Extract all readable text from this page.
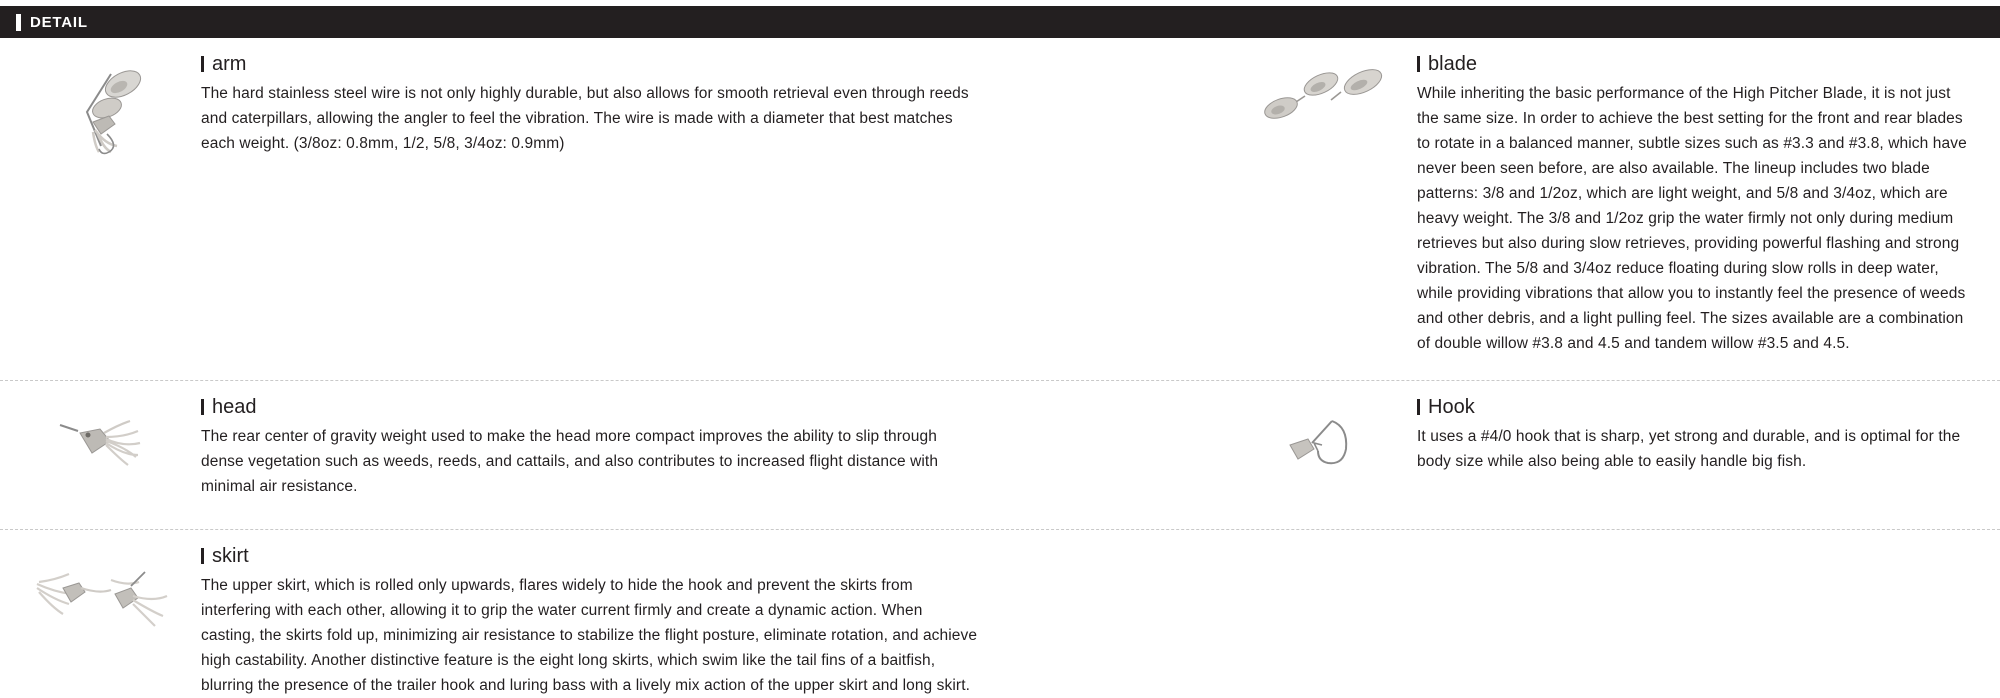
DETAIL
arm

The hard stainless steel wire is not only highly durable, but also allows for smooth retrieval even through reeds and caterpillars, allowing the angler to feel the vibration. The wire is made with a diameter that best matches each weight. (3/8oz: 0.8mm, 1/2, 5/8, 3/4oz: 0.9mm)

blade

While inheriting the basic performance of the High Pitcher Blade, it is not just the same size. In order to achieve the best setting for the front and rear blades to rotate in a balanced manner, subtle sizes such as #3.3 and #3.8, which have never been seen before, are also available. The lineup includes two blade patterns: 3/8 and 1/2oz, which are light weight, and 5/8 and 3/4oz, which are heavy weight. The 3/8 and 1/2oz grip the water firmly not only during medium retrieves but also during slow retrieves, providing powerful flashing and strong vibration. The 5/8 and 3/4oz reduce floating during slow rolls in deep water, while providing vibrations that allow you to instantly feel the presence of weeds and other debris, and a light pulling feel. The sizes available are a combination of double willow #3.8 and 4.5 and tandem willow #3.5 and 4.5.

head

The rear center of gravity weight used to make the head more compact improves the ability to slip through dense vegetation such as weeds, reeds, and cattails, and also contributes to increased flight distance with minimal air resistance.

Hook

It uses a #4/0 hook that is sharp, yet strong and durable, and is optimal for the body size while also being able to easily handle big fish.

skirt

The upper skirt, which is rolled only upwards, flares widely to hide the hook and prevent the skirts from interfering with each other, allowing it to grip the water current firmly and create a dynamic action. When casting, the skirts fold up, minimizing air resistance to stabilize the flight posture, eliminate rotation, and achieve high castability. Another distinctive feature is the eight long skirts, which swim like the tail fins of a baitfish, blurring the presence of the trailer hook and luring bass with a lively mix action of the upper skirt and long skirt.
